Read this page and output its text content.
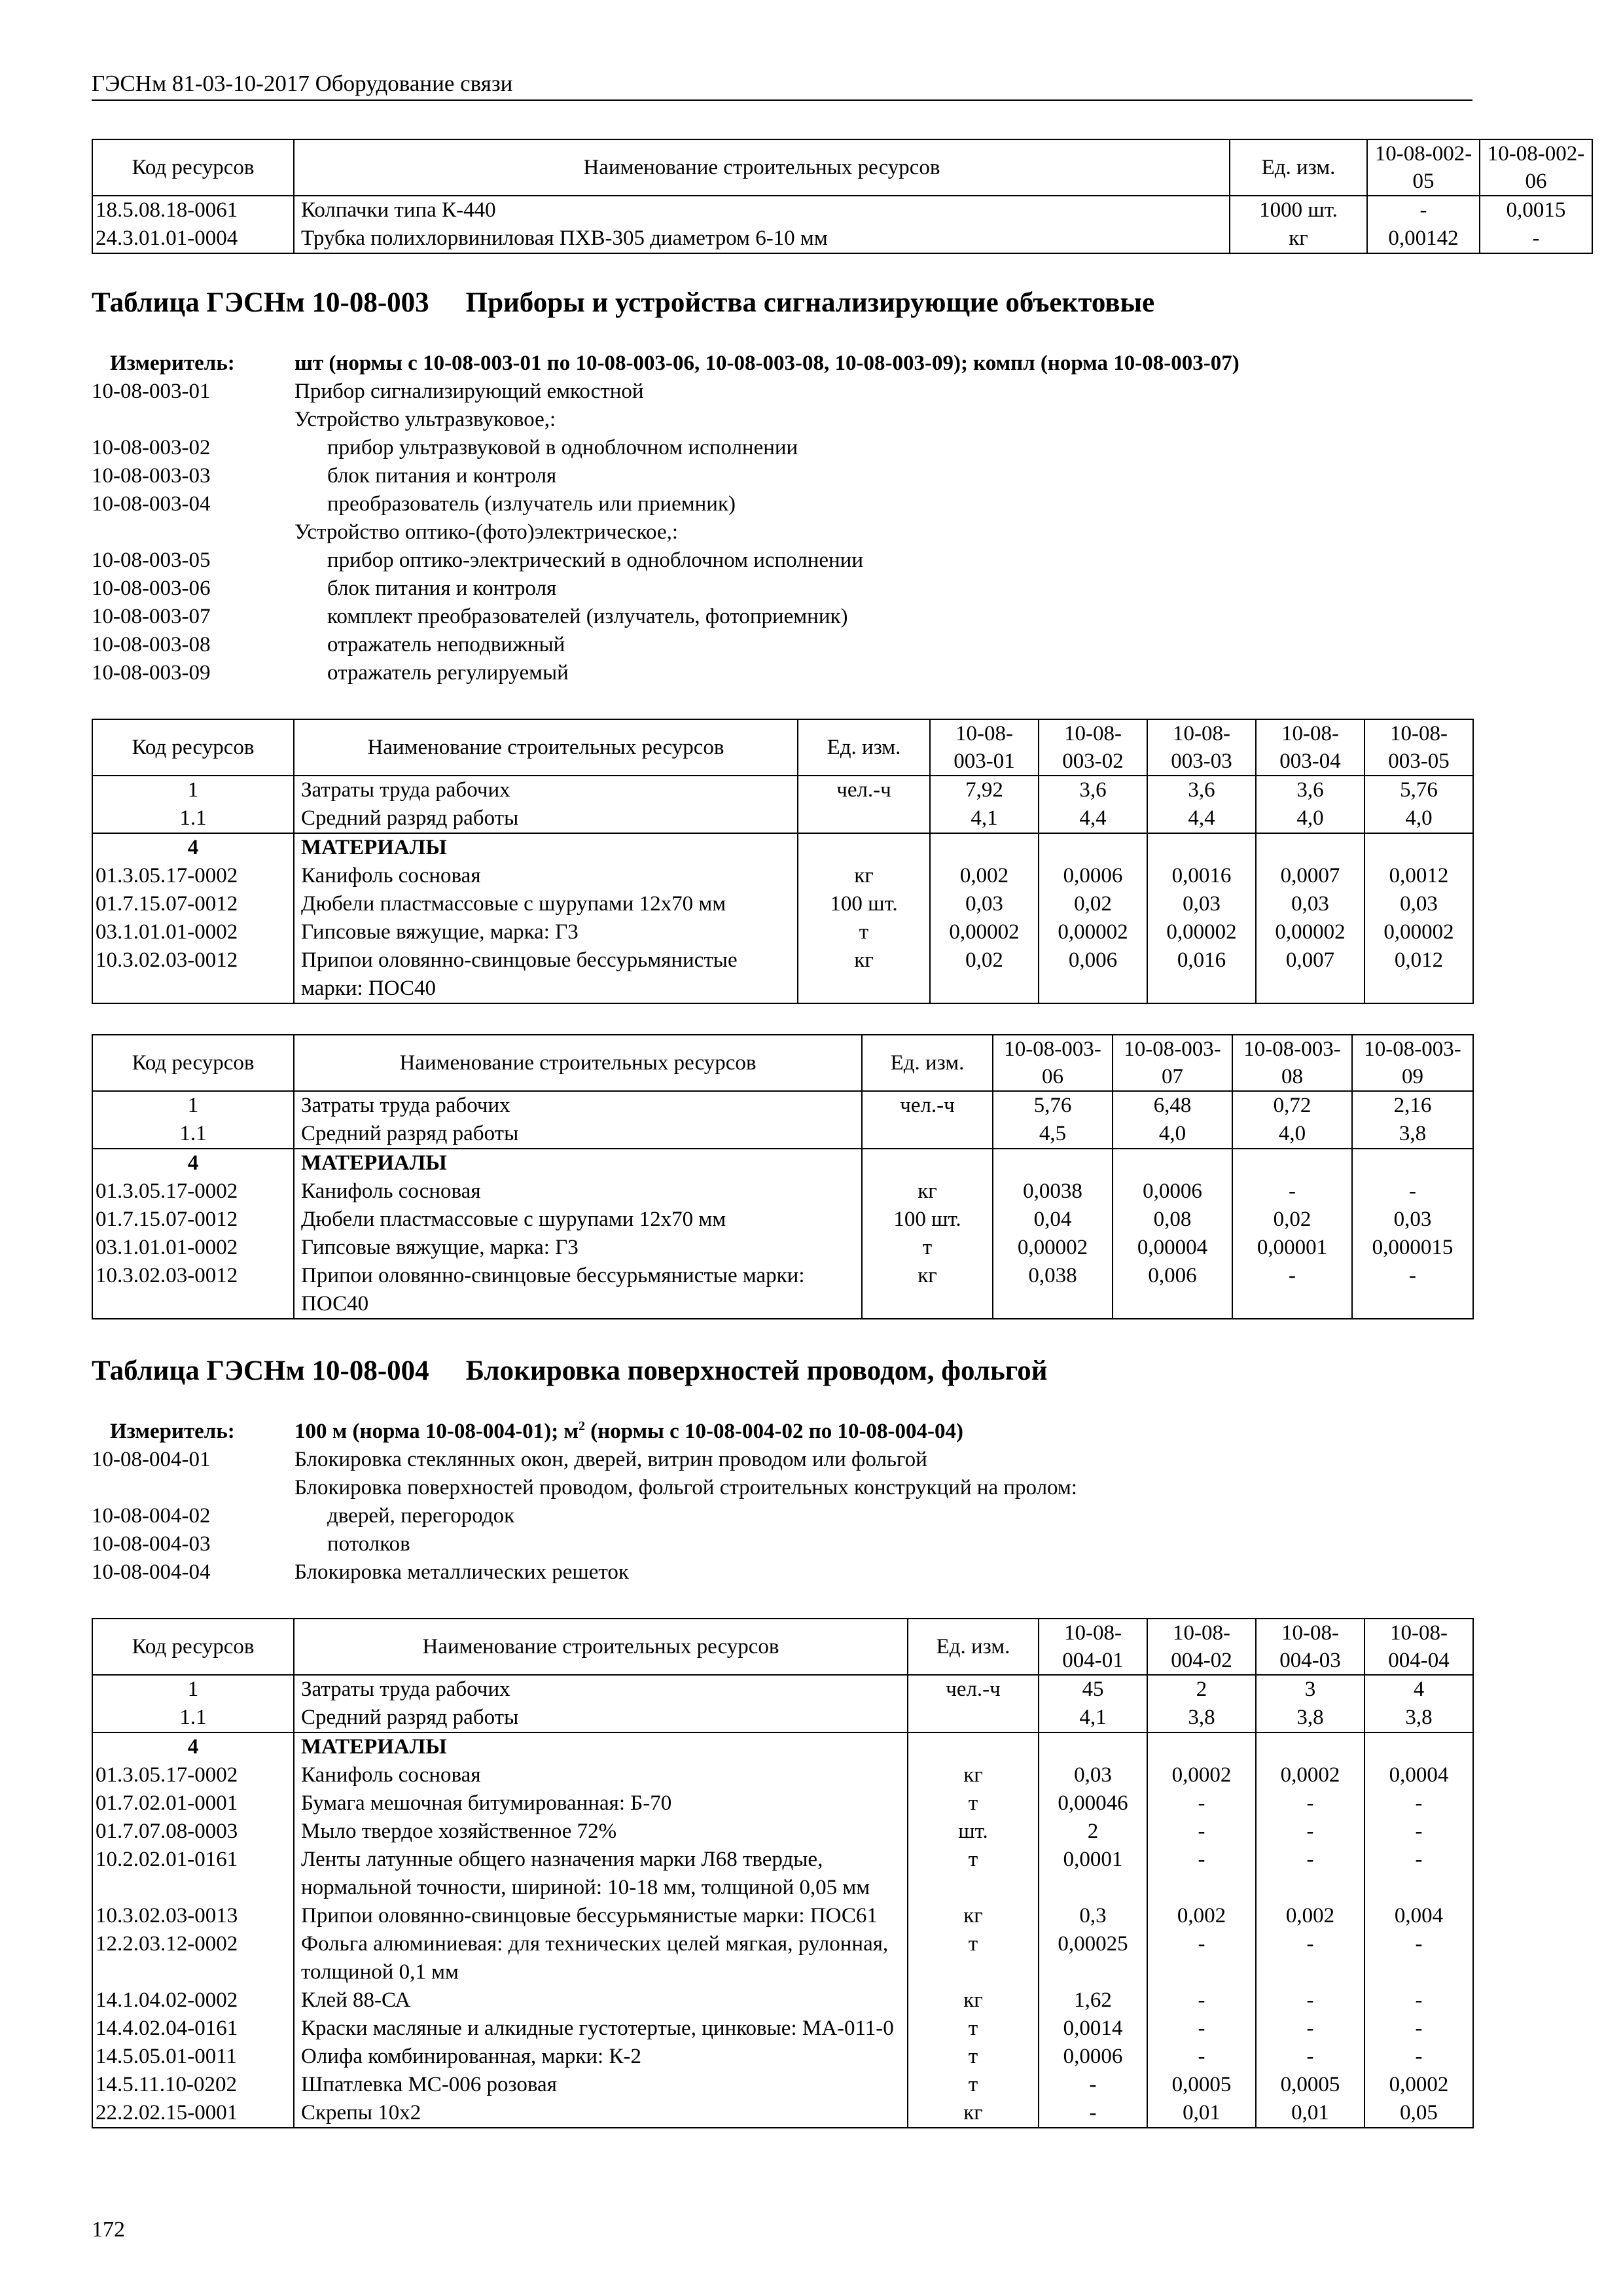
ГЭСНм 81-03-10-2017 Оборудование связи
Код ресурсов	Наименование строительных ресурсов	Ед. изм.	10-08-002-05	10-08-002-06
18.5.08.18-0061	Колпачки типа К-440	1000 шт.	-	0,0015
24.3.01.01-0004	Трубка полихлорвиниловая ПХВ-305 диаметром 6-10 мм	кг	0,00142	-
Таблица ГЭСНм 10-08-003 Приборы и устройства сигнализирующие объектовые
Измеритель:	шт (нормы с 10-08-003-01 по 10-08-003-06, 10-08-003-08, 10-08-003-09); компл (норма 10-08-003-07)
10-08-003-01	Прибор сигнализирующий емкостной
Устройство ультразвуковое,:
10-08-003-02	прибор ультразвуковой в одноблочном исполнении
10-08-003-03	блок питания и контроля
10-08-003-04	преобразователь (излучатель или приемник)
Устройство оптико-(фото)электрическое,:
10-08-003-05	прибор оптико-электрический в одноблочном исполнении
10-08-003-06	блок питания и контроля
10-08-003-07	комплект преобразователей (излучатель, фотоприемник)
10-08-003-08	отражатель неподвижный
10-08-003-09	отражатель регулируемый
Код ресурсов	Наименование строительных ресурсов	Ед. изм.	10-08-003-01	10-08-003-02	10-08-003-03	10-08-003-04	10-08-003-05
1	Затраты труда рабочих	чел.-ч	7,92	3,6	3,6	3,6	5,76
1.1	Средний разряд работы		4,1	4,4	4,4	4,0	4,0
4	МАТЕРИАЛЫ						
01.3.05.17-0002	Канифоль сосновая	кг	0,002	0,0006	0,0016	0,0007	0,0012
01.7.15.07-0012	Дюбели пластмассовые с шурупами 12х70 мм	100 шт.	0,03	0,02	0,03	0,03	0,03
03.1.01.01-0002	Гипсовые вяжущие, марка: Г3	т	0,00002	0,00002	0,00002	0,00002	0,00002
10.3.02.03-0012	Припои оловянно-свинцовые бессурьмянистые марки: ПОС40	кг	0,02	0,006	0,016	0,007	0,012
Код ресурсов	Наименование строительных ресурсов	Ед. изм.	10-08-003-06	10-08-003-07	10-08-003-08	10-08-003-09
1	Затраты труда рабочих	чел.-ч	5,76	6,48	0,72	2,16
1.1	Средний разряд работы		4,5	4,0	4,0	3,8
4	МАТЕРИАЛЫ					
01.3.05.17-0002	Канифоль сосновая	кг	0,0038	0,0006	-	-
01.7.15.07-0012	Дюбели пластмассовые с шурупами 12х70 мм	100 шт.	0,04	0,08	0,02	0,03
03.1.01.01-0002	Гипсовые вяжущие, марка: Г3	т	0,00002	0,00004	0,00001	0,000015
10.3.02.03-0012	Припои оловянно-свинцовые бессурьмянистые марки: ПОС40	кг	0,038	0,006	-	-
Таблица ГЭСНм 10-08-004 Блокировка поверхностей проводом, фольгой
Измеритель:	100 м (норма 10-08-004-01); $м^2$ (нормы с 10-08-004-02 по 10-08-004-04)
10-08-004-01	Блокировка стеклянных окон, дверей, витрин проводом или фольгой
Блокировка поверхностей проводом, фольгой строительных конструкций на пролом:
10-08-004-02	дверей, перегородок
10-08-004-03	потолков
10-08-004-04	Блокировка металлических решеток
Код ресурсов	Наименование строительных ресурсов	Ед. изм.	10-08-004-01	10-08-004-02	10-08-004-03	10-08-004-04
1	Затраты труда рабочих	чел.-ч	45	2	3	4
1.1	Средний разряд работы		4,1	3,8	3,8	3,8
4	МАТЕРИАЛЫ					
01.3.05.17-0002	Канифоль сосновая	кг	0,03	0,0002	0,0002	0,0004
01.7.02.01-0001	Бумага мешочная битумированная: Б-70	т	0,00046	-	-	-
01.7.07.08-0003	Мыло твердое хозяйственное 72%	шт.	2	-	-	-
10.2.02.01-0161	Ленты латунные общего назначения марки Л68 твердые, нормальной точности, шириной: 10-18 мм, толщиной 0,05 мм	т	0,0001	-	-	-
10.3.02.03-0013	Припои оловянно-свинцовые бессурьмянистые марки: ПОС61	кг	0,3	0,002	0,002	0,004
12.2.03.12-0002	Фольга алюминиевая: для технических целей мягкая, рулонная, толщиной 0,1 мм	т	0,00025	-	-	-
14.1.04.02-0002	Клей 88-СА	кг	1,62	-	-	-
14.4.02.04-0161	Краски масляные и алкидные густотертые, цинковые: МА-011-0	т	0,0014	-	-	-
14.5.05.01-0011	Олифа комбинированная, марки: К-2	т	0,0006	-	-	-
14.5.11.10-0202	Шпатлевка МС-006 розовая	т	-	0,0005	0,0005	0,0002
22.2.02.15-0001	Скрепы 10х2	кг	-	0,01	0,01	0,05
172
